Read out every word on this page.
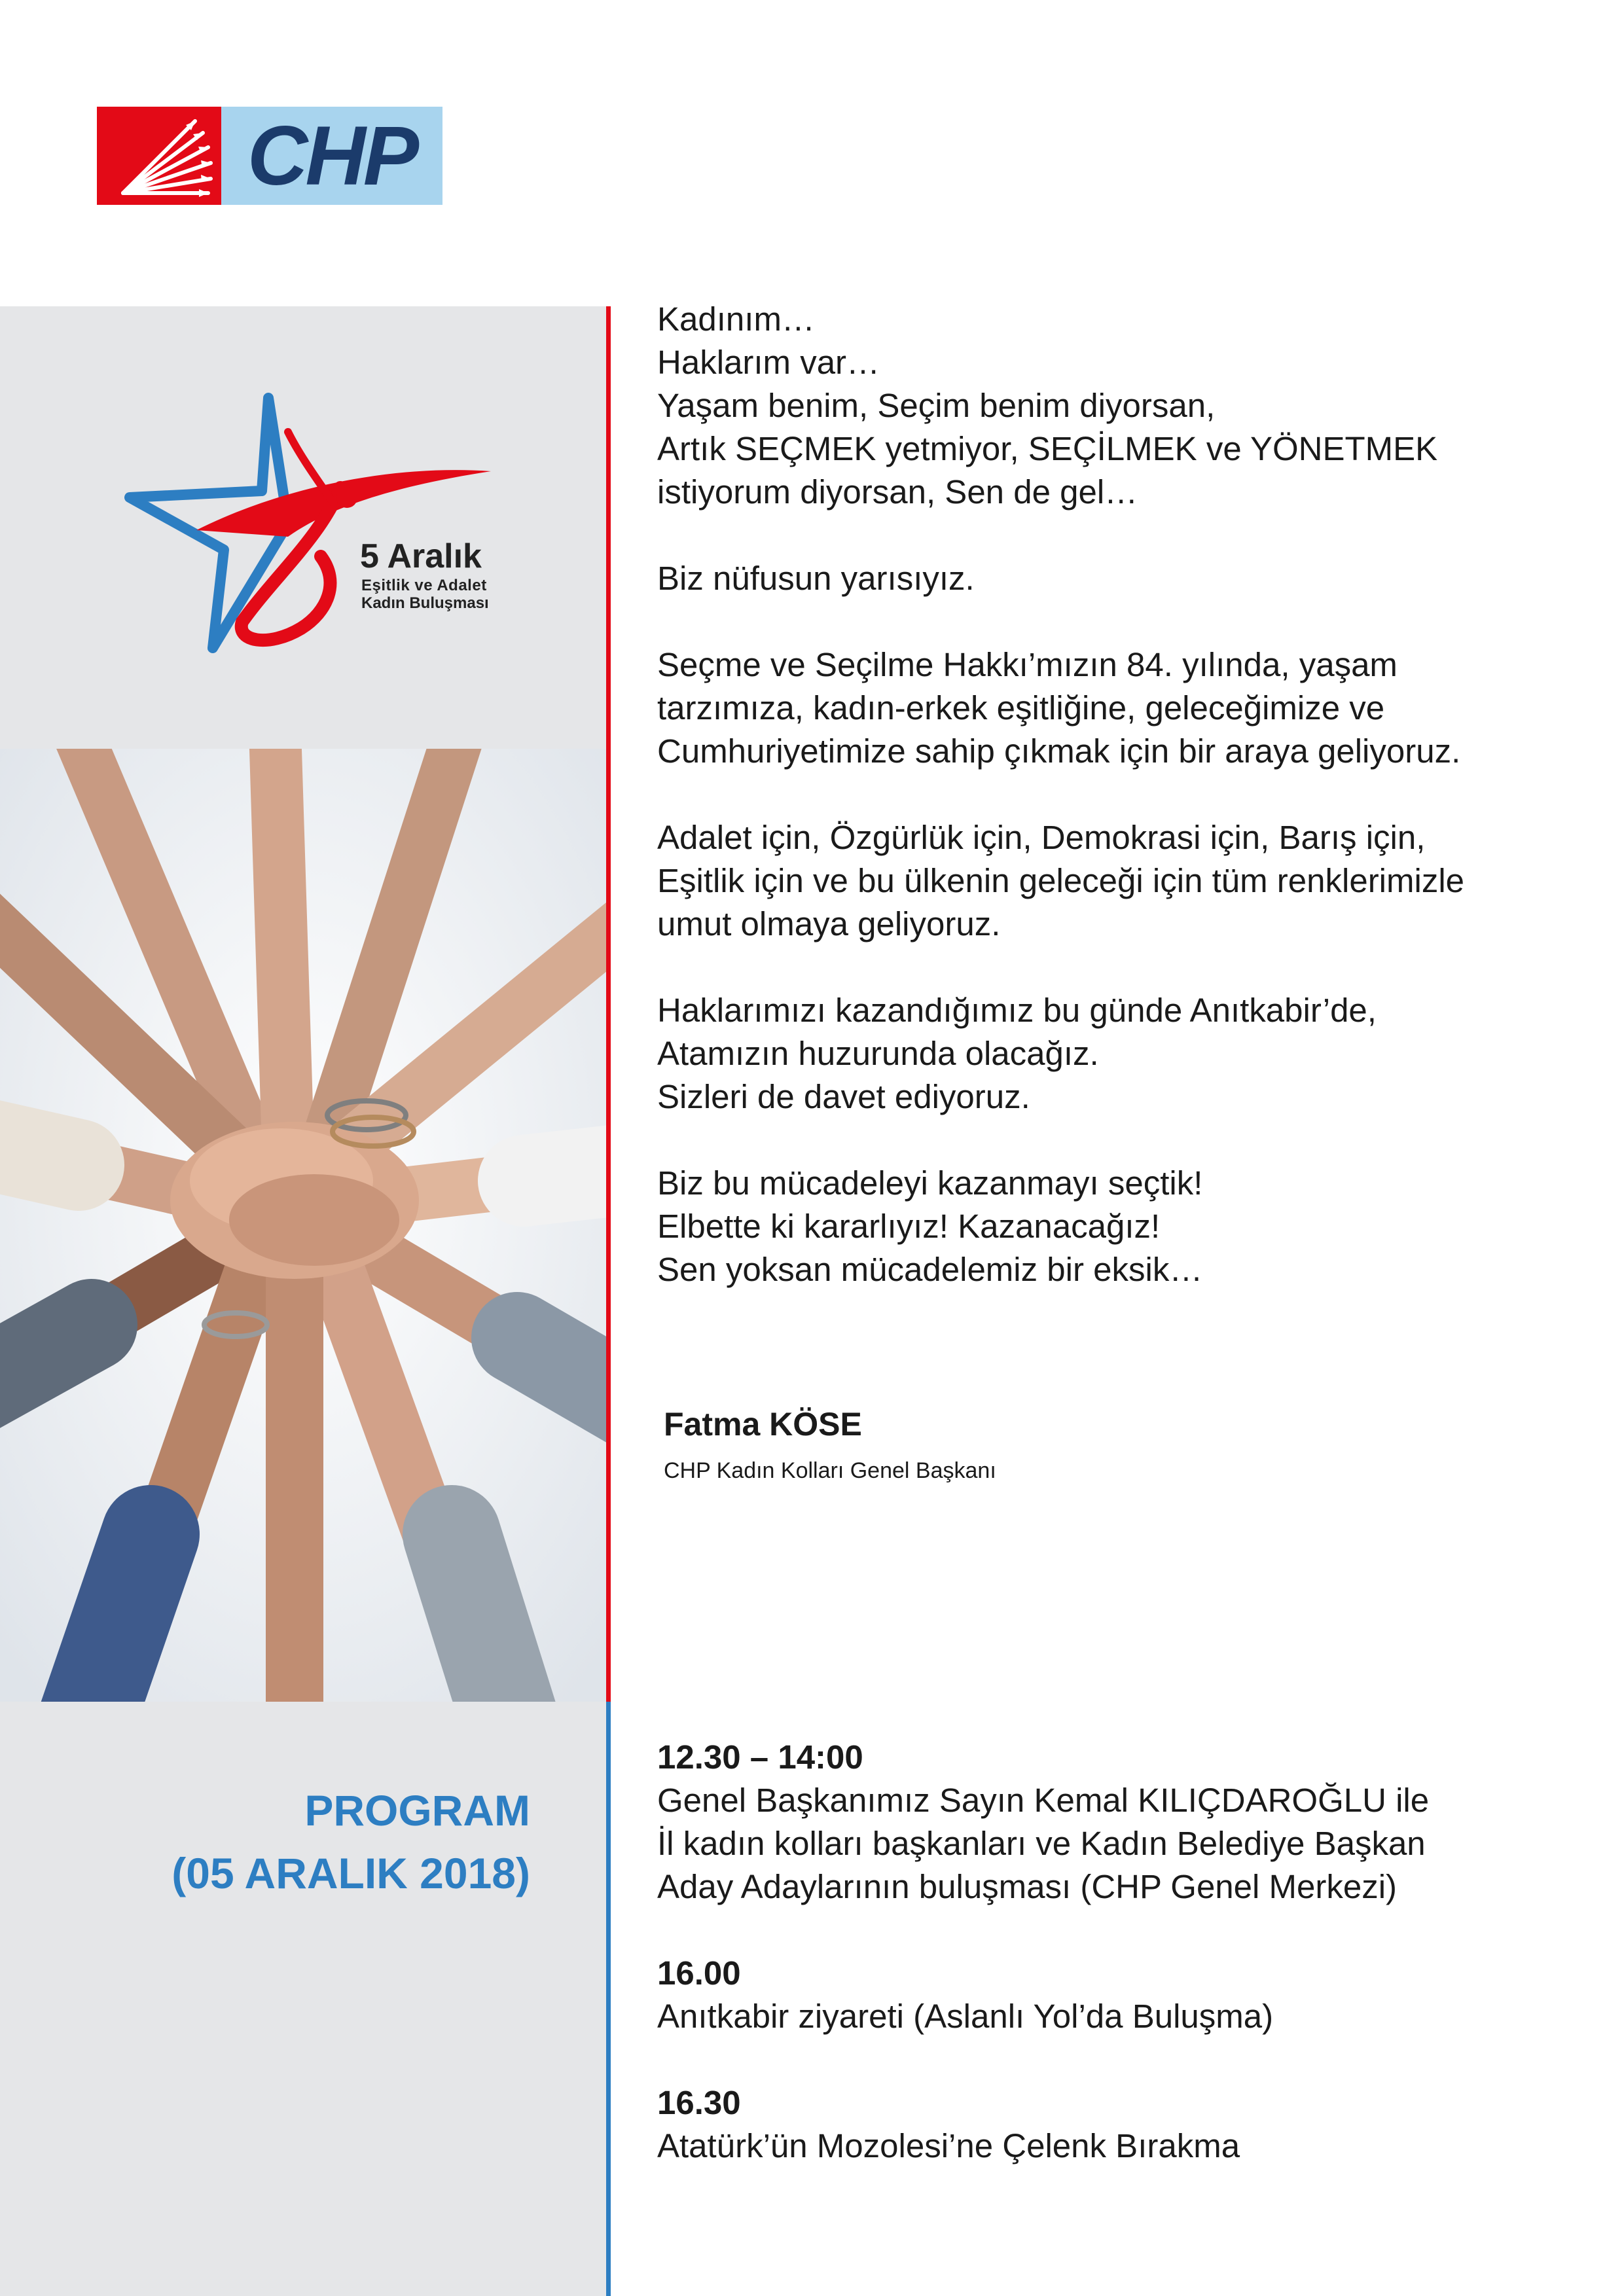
CHP
5 Aralık
Eşitlik ve Adalet
Kadın Buluşması
PROGRAM
(05 ARALIK 2018)

Kadınım…
Haklarım var…
Yaşam benim, Seçim benim diyorsan,
Artık SEÇMEK yetmiyor, SEÇİLMEK ve YÖNETMEK
istiyorum diyorsan, Sen de gel…

Biz nüfusun yarısıyız.

Seçme ve Seçilme Hakkı’mızın 84. yılında, yaşam
tarzımıza, kadın-erkek eşitliğine, geleceğimize ve
Cumhuriyetimize sahip çıkmak için bir araya geliyoruz.

Adalet için, Özgürlük için, Demokrasi için, Barış için,
Eşitlik için ve bu ülkenin geleceği için tüm renklerimizle
umut olmaya geliyoruz.

Haklarımızı kazandığımız bu günde Anıtkabir’de,
Atamızın huzurunda olacağız.
Sizleri de davet ediyoruz.

Biz bu mücadeleyi kazanmayı seçtik!
Elbette ki kararlıyız! Kazanacağız!
Sen yoksan mücadelemiz bir eksik…

Fatma KÖSE
CHP Kadın Kolları Genel Başkanı
12.30 – 14:00
Genel Başkanımız Sayın Kemal KILIÇDAROĞLU ile
İl kadın kolları başkanları ve Kadın Belediye Başkan
Aday Adaylarının buluşması (CHP Genel Merkezi)
16.00
Anıtkabir ziyareti (Aslanlı Yol’da Buluşma)
16.30
Atatürk’ün Mozolesi’ne Çelenk Bırakma
